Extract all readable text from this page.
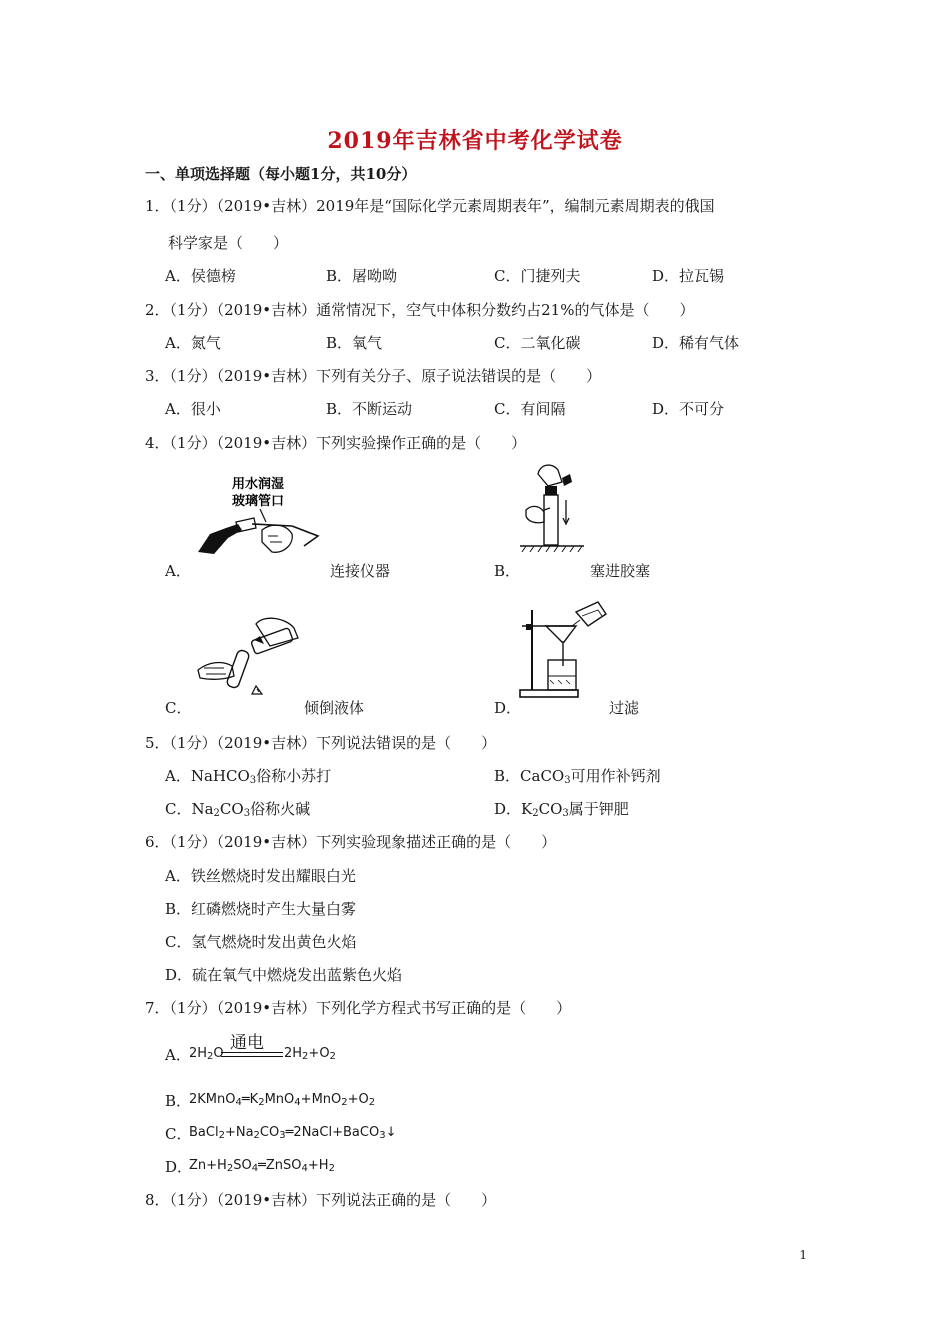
2019年吉林省中考化学试卷
一、单项选择题（每小题1分，共10分）
1．（1分）（2019•吉林）2019年是“国际化学元素周期表年”，编制元素周期表的俄国
科学家是（　　）
A．侯德榜	B．屠呦呦	C．门捷列夫	D．拉瓦锡
2．（1分）（2019•吉林）通常情况下，空气中体积分数约占21%的气体是（　　）
A．氮气	B．氧气	C．二氧化碳	D．稀有气体
3．（1分）（2019•吉林）下列有关分子、原子说法错误的是（　　）
A．很小	B．不断运动	C．有间隔	D．不可分
4．（1分）（2019•吉林）下列实验操作正确的是（　　）
用水润湿
玻璃管口
A．	连接仪器	B．	塞进胶塞
C．	倾倒液体	D．	过滤
5．（1分）（2019•吉林）下列说法错误的是（　　）
A．NaHCO$_3$俗称小苏打	B．CaCO$_3$可用作补钙剂
C．$Na_2CO_3$俗称火碱	D．$K_2CO_3$属于钾肥
6．（1分）（2019•吉林）下列实验现象描述正确的是（　　）
A．铁丝燃烧时发出耀眼白光
B．红磷燃烧时产生大量白雾
C．氢气燃烧时发出黄色火焰
D．硫在氧气中燃烧发出蓝紫色火焰
7．（1分）（2019•吉林）下列化学方程式书写正确的是（　　）
A．
$2H_2O$
通电
$2H_2+O_2$
B．
$2KMnO_4═K_2MnO_4+MnO_2+O_2$
C．
$BaCl_2+Na_2CO_3═2NaCl+BaCO_3↓$
D．
$Zn+H_2SO_4═ZnSO_4+H_2$
8．（1分）（2019•吉林）下列说法正确的是（　　）
1
